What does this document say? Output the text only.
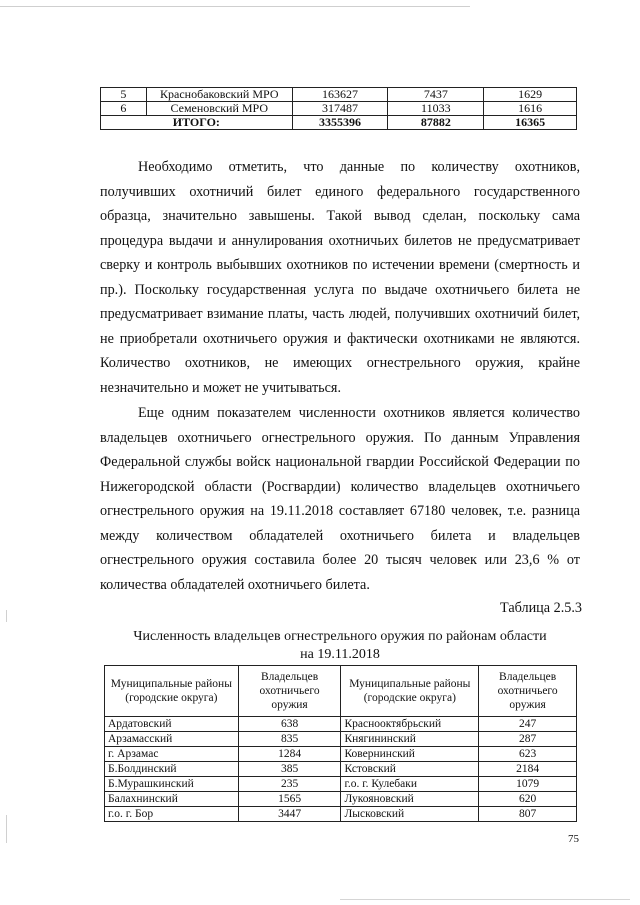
5	Краснобаковский МРО	163627	7437	1629
6	Семеновский МРО	317487	11033	1616
ИТОГО:		3355396	87882	16365

Необходимо отметить, что данные по количеству охотников, получивших охотничий билет единого федерального государственного образца, значительно завышены. Такой вывод сделан, поскольку сама процедура выдачи и аннулирования охотничьих билетов не предусматривает сверку и контроль выбывших охотников по истечении времени (смертность и пр.). Поскольку государственная услуга по выдаче охотничьего билета не предусматривает взимание платы, часть людей, получивших охотничий билет, не приобретали охотничьего оружия и фактически охотниками не являются. Количество охотников, не имеющих огнестрельного оружия, крайне незначительно и может не учитываться.

Еще одним показателем численности охотников является количество владельцев охотничьего огнестрельного оружия. По данным Управления Федеральной службы войск национальной гвардии Российской Федерации по Нижегородской области (Росгвардии) количество владельцев охотничьего огнестрельного оружия на 19.11.2018 составляет 67180 человек, т.е. разница между количеством обладателей охотничьего билета и владельцев огнестрельного оружия составила более 20 тысяч человек или 23,6 % от количества обладателей охотничьего билета.

Таблица 2.5.3

Численность владельцев огнестрельного оружия по районам области
на 19.11.2018

Муниципальные районы (городские округа)	Владельцев охотничьего оружия	Муниципальные районы (городские округа)	Владельцев охотничьего оружия
Ардатовский	638	Краснооктябрьский	247
Арзамасский	835	Княгининский	287
г. Арзамас	1284	Ковернинский	623
Б.Болдинский	385	Кстовский	2184
Б.Мурашкинский	235	г.о. г. Кулебаки	1079
Балахнинский	1565	Лукояновский	620
г.о. г. Бор	3447	Лысковский	807

75
